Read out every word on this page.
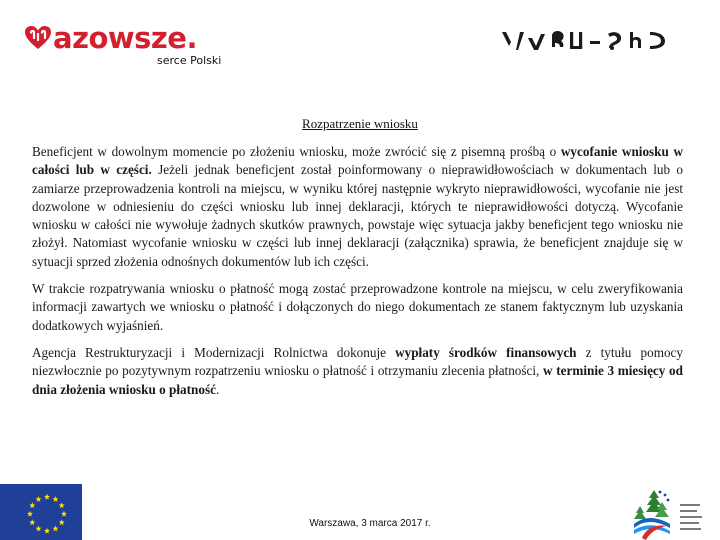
azowsze.
serce Polski
Rozpatrzenie wniosku

Beneficjent w dowolnym momencie po złożeniu wniosku, może zwrócić się z pisemną prośbą o wycofanie wniosku w całości lub w części. Jeżeli jednak beneficjent został poinformowany o nieprawidłowościach w dokumentach lub o zamiarze przeprowadzenia kontroli na miejscu, w wyniku której następnie wykryto nieprawidłowości, wycofanie nie jest dozwolone w odniesieniu do części wniosku lub innej deklaracji, których te nieprawidłowości dotyczą. Wycofanie wniosku w całości nie wywołuje żadnych skutków prawnych, powstaje więc sytuacja jakby beneficjent tego wniosku nie złożył. Natomiast wycofanie wniosku w części lub innej deklaracji (załącznika) sprawia, że beneficjent znajduje się w sytuacji sprzed złożenia odnośnych dokumentów lub ich części.

W trakcie rozpatrywania wniosku o płatność mogą zostać przeprowadzone kontrole na miejscu, w celu zweryfikowania informacji zawartych we wniosku o płatność i dołączonych do niego dokumentach ze stanem faktycznym lub uzyskania dodatkowych wyjaśnień.

Agencja Restrukturyzacji i Modernizacji Rolnictwa dokonuje wypłaty środków finansowych z tytułu pomocy niezwłocznie po pozytywnym rozpatrzeniu wniosku o płatność i otrzymaniu zlecenia płatności, w terminie 3 miesięcy od dnia złożenia wniosku o płatność.

Warszawa, 3 marca 2017 r.
